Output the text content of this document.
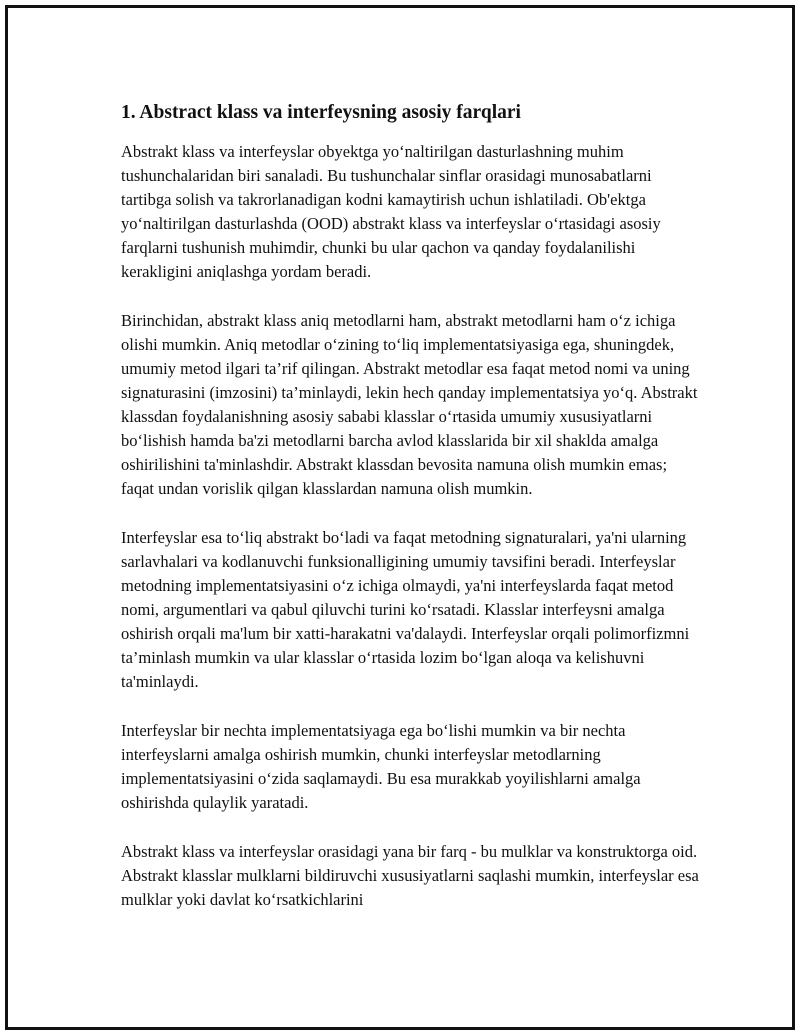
1. Abstract klass va interfeysning asosiy farqlari

Abstrakt klass va interfeyslar obyektga yoʻnaltirilgan dasturlashning muhim tushunchalaridan biri sanaladi. Bu tushunchalar sinflar orasidagi munosabatlarni tartibga solish va takrorlanadigan kodni kamaytirish uchun ishlatiladi. Ob'ektga yoʻnaltirilgan dasturlashda (OOD) abstrakt klass va interfeyslar oʻrtasidagi asosiy farqlarni tushunish muhimdir, chunki bu ular qachon va qanday foydalanilishi kerakligini aniqlashga yordam beradi.

Birinchidan, abstrakt klass aniq metodlarni ham, abstrakt metodlarni ham oʻz ichiga olishi mumkin. Aniq metodlar oʻzining toʻliq implementatsiyasiga ega, shuningdek, umumiy metod ilgari ta’rif qilingan. Abstrakt metodlar esa faqat metod nomi va uning signaturasini (imzosini) ta’minlaydi, lekin hech qanday implementatsiya yoʻq. Abstrakt klassdan foydalanishning asosiy sababi klasslar oʻrtasida umumiy xususiyatlarni boʻlishish hamda ba'zi metodlarni barcha avlod klasslarida bir xil shaklda amalga oshirilishini ta'minlashdir. Abstrakt klassdan bevosita namuna olish mumkin emas; faqat undan vorislik qilgan klasslardan namuna olish mumkin.

Interfeyslar esa toʻliq abstrakt boʻladi va faqat metodning signaturalari, ya'ni ularning sarlavhalari va kodlanuvchi funksionalligining umumiy tavsifini beradi. Interfeyslar metodning implementatsiyasini oʻz ichiga olmaydi, ya'ni interfeyslarda faqat metod nomi, argumentlari va qabul qiluvchi turini koʻrsatadi. Klasslar interfeysni amalga oshirish orqali ma'lum bir xatti-harakatni va'dalaydi. Interfeyslar orqali polimorfizmni ta’minlash mumkin va ular klasslar oʻrtasida lozim boʻlgan aloqa va kelishuvni ta'minlaydi.

Interfeyslar bir nechta implementatsiyaga ega boʻlishi mumkin va bir nechta interfeyslarni amalga oshirish mumkin, chunki interfeyslar metodlarning implementatsiyasini oʻzida saqlamaydi. Bu esa murakkab yoyilishlarni amalga oshirishda qulaylik yaratadi.

Abstrakt klass va interfeyslar orasidagi yana bir farq - bu mulklar va konstruktorga oid. Abstrakt klasslar mulklarni bildiruvchi xususiyatlarni saqlashi mumkin, interfeyslar esa mulklar yoki davlat koʻrsatkichlarini
